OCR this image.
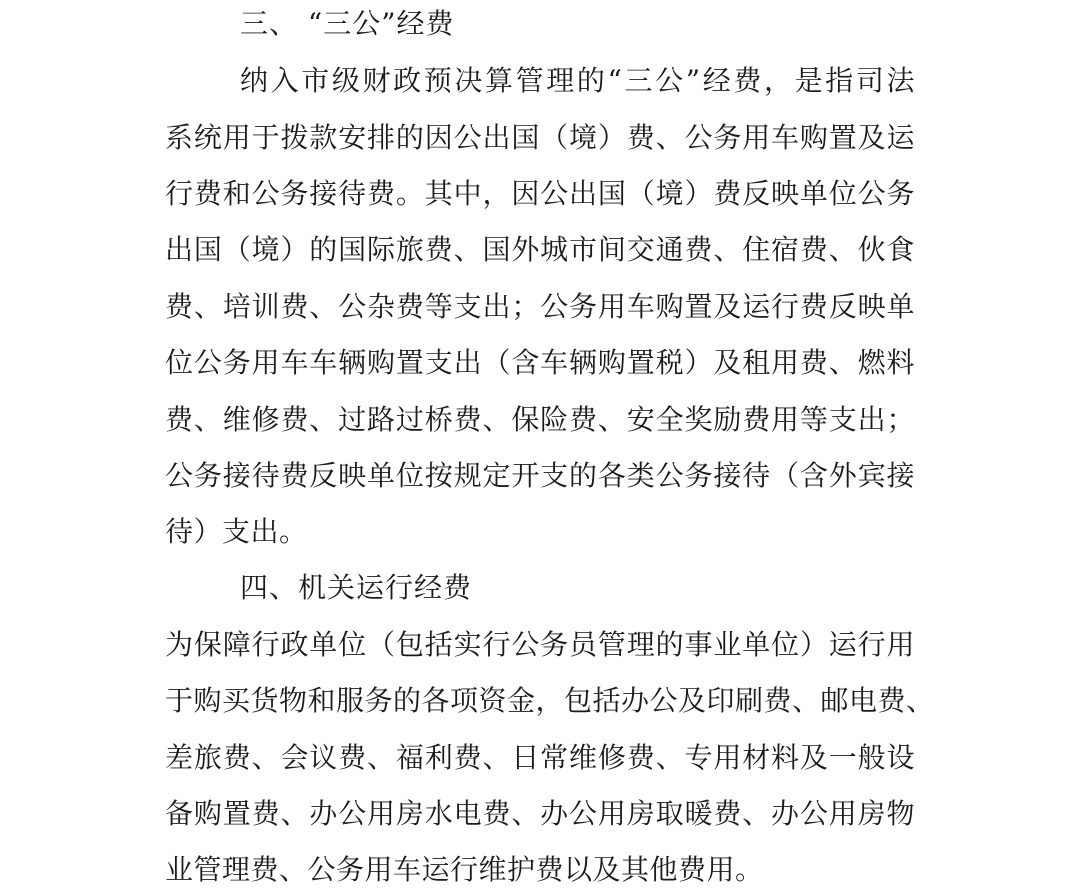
三、 “三公”经费
纳入市级财政预决算管理的“三公”经费，是指司法
系统用于拨款安排的因公出国（境）费、公务用车购置及运
行费和公务接待费。其中，因公出国（境）费反映单位公务
出国（境）的国际旅费、国外城市间交通费、住宿费、伙食
费、培训费、公杂费等支出；公务用车购置及运行费反映单
位公务用车车辆购置支出（含车辆购置税）及租用费、燃料
费、维修费、过路过桥费、保险费、安全奖励费用等支出；
公务接待费反映单位按规定开支的各类公务接待（含外宾接
待）支出。
四、机关运行经费
为保障行政单位（包括实行公务员管理的事业单位）运行用
于购买货物和服务的各项资金，包括办公及印刷费、邮电费、
差旅费、会议费、福利费、日常维修费、专用材料及一般设
备购置费、办公用房水电费、办公用房取暖费、办公用房物
业管理费、公务用车运行维护费以及其他费用。
